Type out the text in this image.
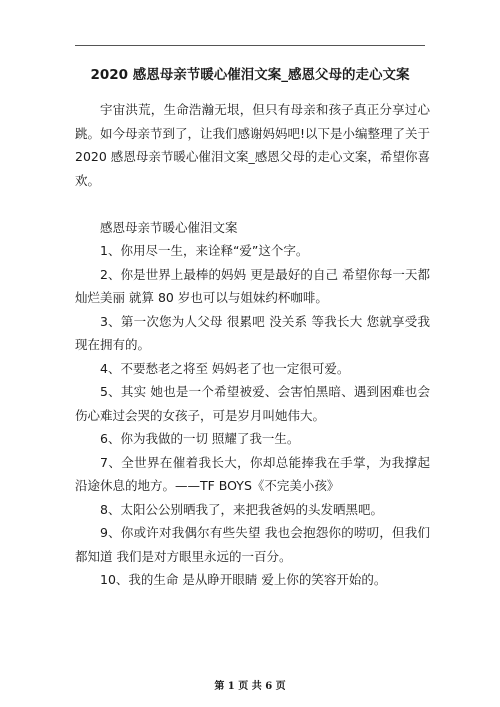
2020 感恩母亲节暖心催泪文案_感恩父母的走心文案

宇宙洪荒，生命浩瀚无垠，但只有母亲和孩子真正分享过心跳。如今母亲节到了，让我们感谢妈妈吧!以下是小编整理了关于 2020 感恩母亲节暖心催泪文案_感恩父母的走心文案，希望你喜欢。

感恩母亲节暖心催泪文案

1、你用尽一生，来诠释“爱”这个字。

2、你是世界上最棒的妈妈 更是最好的自己 希望你每一天都灿烂美丽 就算 80 岁也可以与姐妹约杯咖啡。

3、第一次您为人父母 很累吧 没关系 等我长大 您就享受我现在拥有的。

4、不要愁老之将至 妈妈老了也一定很可爱。

5、其实 她也是一个希望被爱、会害怕黑暗、遇到困难也会伤心难过会哭的女孩子，可是岁月叫她伟大。

6、你为我做的一切 照耀了我一生。

7、全世界在催着我长大，你却总能捧我在手掌，为我撑起沿途休息的地方。——TF BOYS《不完美小孩》

8、太阳公公别晒我了，来把我爸妈的头发晒黑吧。

9、你或许对我偶尔有些失望 我也会抱怨你的唠叨，但我们都知道 我们是对方眼里永远的一百分。

10、我的生命 是从睁开眼睛 爱上你的笑容开始的。

第 1 页 共 6 页
